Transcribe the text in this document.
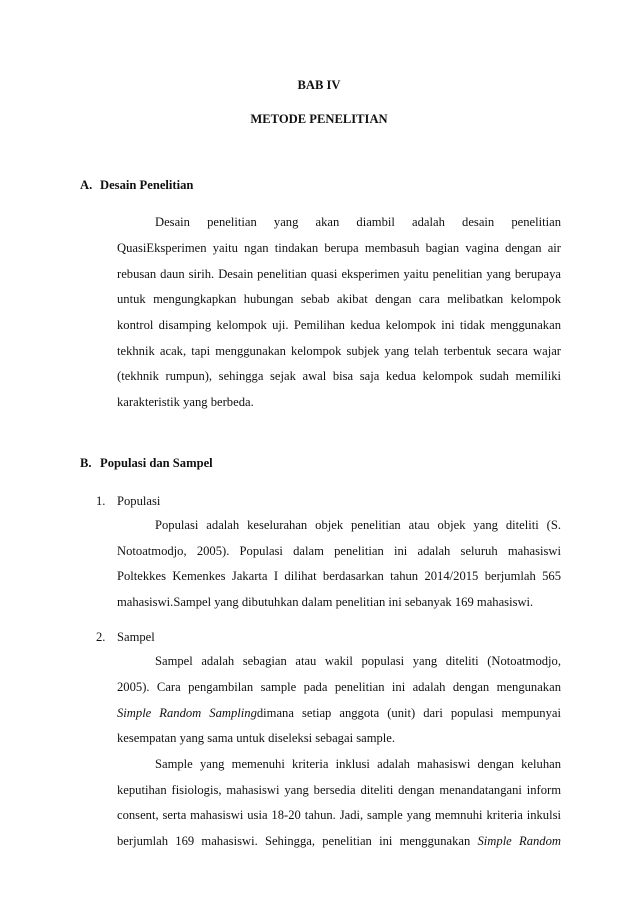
BAB IV
METODE PENELITIAN
A. Desain Penelitian
Desain penelitian yang akan diambil adalah desain penelitian
QuasiEksperimen yaitu ngan tindakan berupa membasuh bagian vagina dengan air
rebusan daun sirih. Desain penelitian quasi eksperimen yaitu penelitian yang berupaya
untuk mengungkapkan hubungan sebab akibat dengan cara melibatkan kelompok
kontrol disamping kelompok uji. Pemilihan kedua kelompok ini tidak menggunakan
tekhnik acak, tapi menggunakan kelompok subjek yang telah terbentuk secara wajar
(tekhnik rumpun), sehingga sejak awal bisa saja kedua kelompok sudah memiliki
karakteristik yang berbeda.
B. Populasi dan Sampel
1. Populasi
Populasi adalah keselurahan objek penelitian atau objek yang diteliti (S.
Notoatmodjo, 2005). Populasi dalam penelitian ini adalah seluruh mahasiswi
Poltekkes Kemenkes Jakarta I dilihat berdasarkan tahun 2014/2015 berjumlah 565
mahasiswi.Sampel yang dibutuhkan dalam penelitian ini sebanyak 169 mahasiswi.
2. Sampel
Sampel adalah sebagian atau wakil populasi yang diteliti (Notoatmodjo,
2005). Cara pengambilan sample pada penelitian ini adalah dengan mengunakan
Simple Random Samplingdimana setiap anggota (unit) dari populasi mempunyai
kesempatan yang sama untuk diseleksi sebagai sample.
Sample yang memenuhi kriteria inklusi adalah mahasiswi dengan keluhan
keputihan fisiologis, mahasiswi yang bersedia diteliti dengan menandatangani inform
consent, serta mahasiswi usia 18-20 tahun. Jadi, sample yang memnuhi kriteria inkulsi
berjumlah 169 mahasiswi. Sehingga, penelitian ini menggunakan Simple Random
